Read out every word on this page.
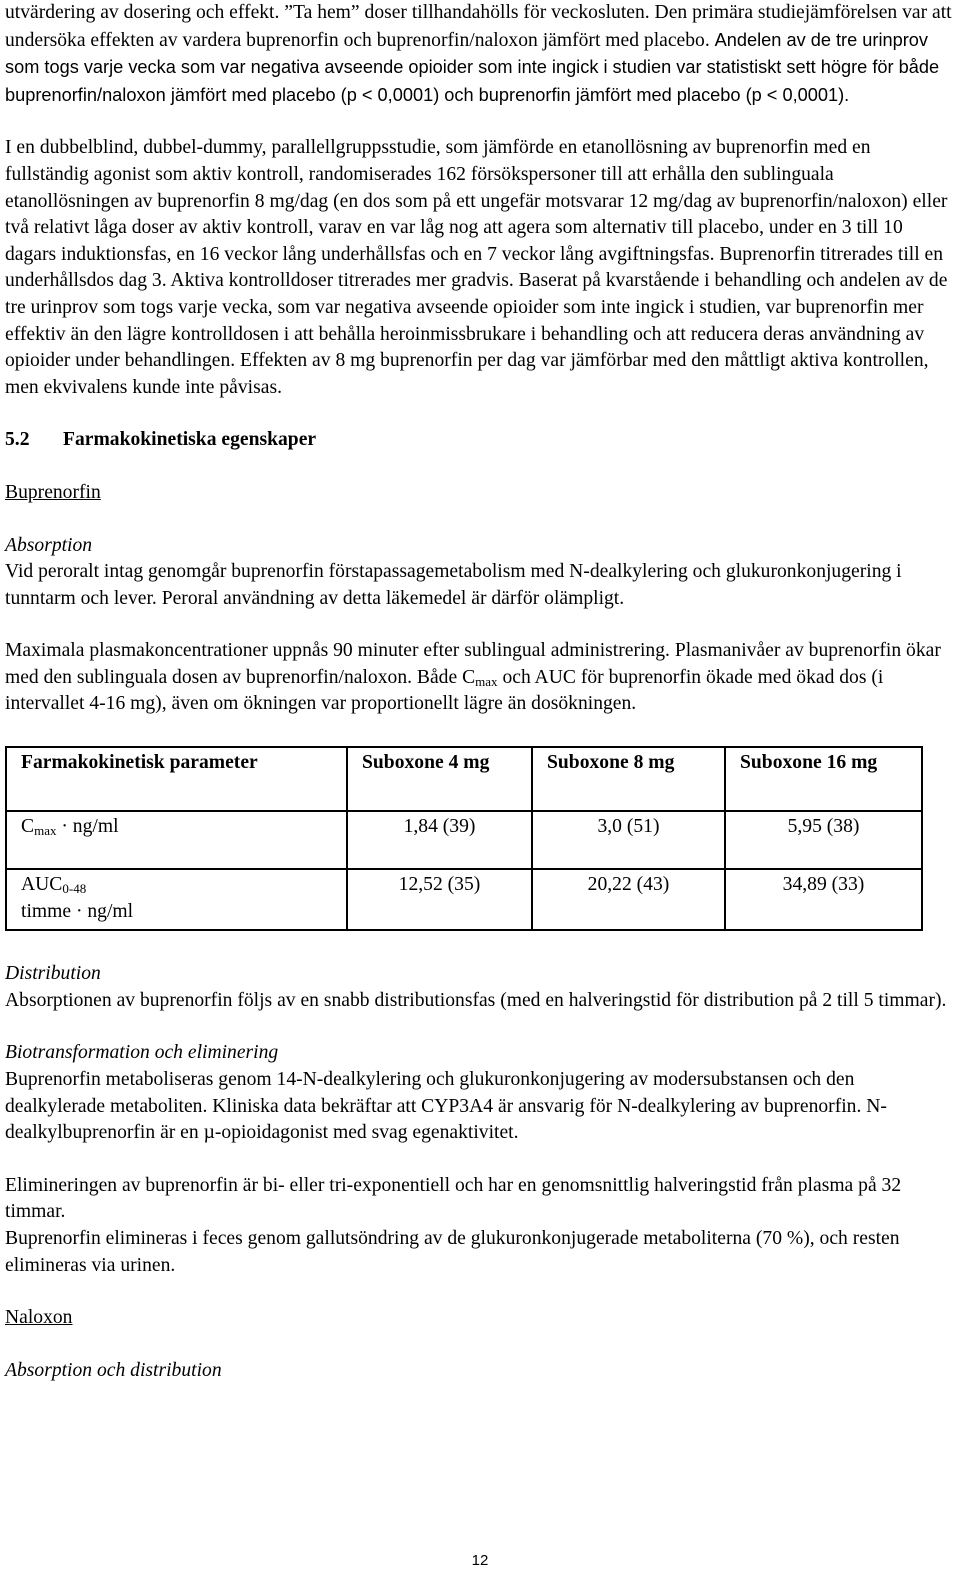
utvärdering av dosering och effekt. ”Ta hem” doser tillhandahölls för veckosluten. Den primära studiejämförelsen var att undersöka effekten av vardera buprenorfin och buprenorfin/naloxon jämfört med placebo. Andelen av de tre urinprov som togs varje vecka som var negativa avseende opioider som inte ingick i studien var statistiskt sett högre för både buprenorfin/naloxon jämfört med placebo (p < 0,0001) och buprenorfin jämfört med placebo (p < 0,0001).

I en dubbelblind, dubbel-dummy, parallellgruppsstudie, som jämförde en etanollösning av buprenorfin med en fullständig agonist som aktiv kontroll, randomiserades 162 försökspersoner till att erhålla den sublinguala etanollösningen av buprenorfin 8 mg/dag (en dos som på ett ungefär motsvarar 12 mg/dag av buprenorfin/naloxon) eller två relativt låga doser av aktiv kontroll, varav en var låg nog att agera som alternativ till placebo, under en 3 till 10 dagars induktionsfas, en 16 veckor lång underhållsfas och en 7 veckor lång avgiftningsfas. Buprenorfin titrerades till en underhållsdos dag 3. Aktiva kontrolldoser titrerades mer gradvis. Baserat på kvarstående i behandling och andelen av de tre urinprov som togs varje vecka, som var negativa avseende opioider som inte ingick i studien, var buprenorfin mer effektiv än den lägre kontrolldosen i att behålla heroinmissbrukare i behandling och att reducera deras användning av opioider under behandlingen. Effekten av 8 mg buprenorfin per dag var jämförbar med den måttligt aktiva kontrollen, men ekvivalens kunde inte påvisas.

5.2 Farmakokinetiska egenskaper

Buprenorfin

Absorption

Vid peroralt intag genomgår buprenorfin förstapassagemetabolism med N-dealkylering och glukuronkonjugering i tunntarm och lever. Peroral användning av detta läkemedel är därför olämpligt.

Maximala plasmakoncentrationer uppnås 90 minuter efter sublingual administrering. Plasmanivåer av buprenorfin ökar med den sublinguala dosen av buprenorfin/naloxon. Både $C_{max}$ och AUC för buprenorfin ökade med ökad dos (i intervallet 4-16 mg), även om ökningen var proportionellt lägre än dosökningen.

Farmakokinetisk parameter	Suboxone 4 mg	Suboxone 8 mg	Suboxone 16 mg
$C_{max} \cdot ng/ml$	1,84 (39)	3,0 (51)	5,95 (38)
$AUC_{0-48}$
timme · ng/ml	12,52 (35)	20,22 (43)	34,89 (33)

Distribution

Absorptionen av buprenorfin följs av en snabb distributionsfas (med en halveringstid för distribution på 2 till 5 timmar).

Biotransformation och eliminering

Buprenorfin metaboliseras genom 14-N-dealkylering och glukuronkonjugering av modersubstansen och den dealkylerade metaboliten. Kliniska data bekräftar att CYP3A4 är ansvarig för N-dealkylering av buprenorfin. N-dealkylbuprenorfin är en µ-opioidagonist med svag egenaktivitet.

Elimineringen av buprenorfin är bi- eller tri-exponentiell och har en genomsnittlig halveringstid från plasma på 32 timmar.

Buprenorfin elimineras i feces genom gallutsöndring av de glukuronkonjugerade metaboliterna (70 %), och resten elimineras via urinen.

Naloxon

Absorption och distribution

12
